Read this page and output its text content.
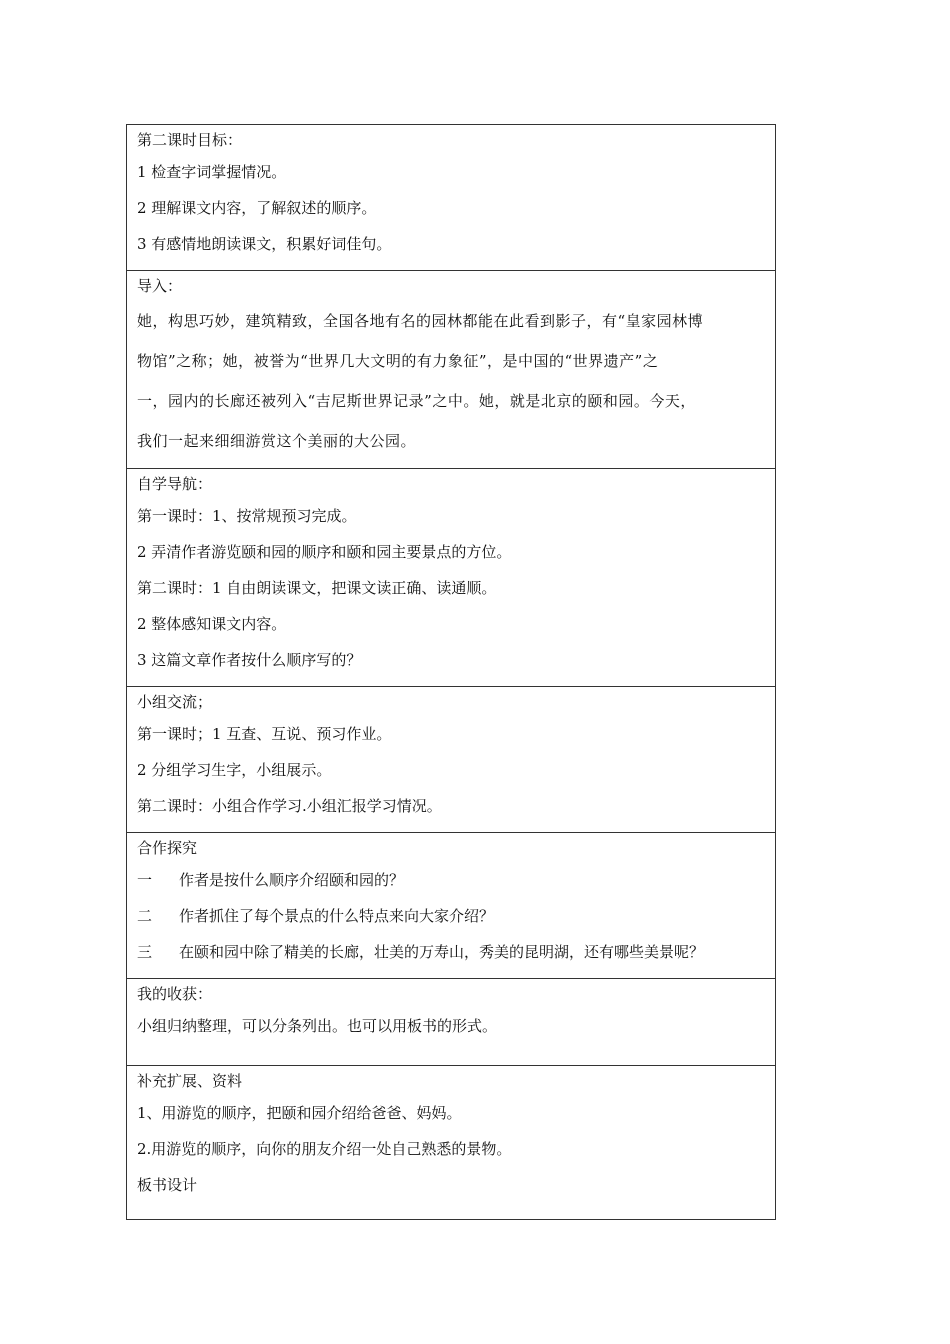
第二课时目标：
1 检查字词掌握情况。
2 理解课文内容，了解叙述的顺序。
3 有感情地朗读课文，积累好词佳句。
导入：
她，构思巧妙，建筑精致，全国各地有名的园林都能在此看到影子，有“皇家园林博
物馆”之称；她，被誉为“世界几大文明的有力象征”，是中国的“世界遗产”之
一，园内的长廊还被列入“吉尼斯世界记录”之中。她，就是北京的颐和园。今天，
我们一起来细细游赏这个美丽的大公园。
自学导航：
第一课时：1、按常规预习完成。
2 弄清作者游览颐和园的顺序和颐和园主要景点的方位。
第二课时：1 自由朗读课文，把课文读正确、读通顺。
2 整体感知课文内容。
3 这篇文章作者按什么顺序写的？
小组交流；
第一课时；1 互查、互说、预习作业。
2 分组学习生字，小组展示。
第二课时：小组合作学习.小组汇报学习情况。
合作探究
一 作者是按什么顺序介绍颐和园的？
二 作者抓住了每个景点的什么特点来向大家介绍？
三 在颐和园中除了精美的长廊，壮美的万寿山，秀美的昆明湖，还有哪些美景呢？
我的收获：
小组归纳整理，可以分条列出。也可以用板书的形式。
补充扩展、资料
1、用游览的顺序，把颐和园介绍给爸爸、妈妈。
2.用游览的顺序，向你的朋友介绍一处自己熟悉的景物。
板书设计
